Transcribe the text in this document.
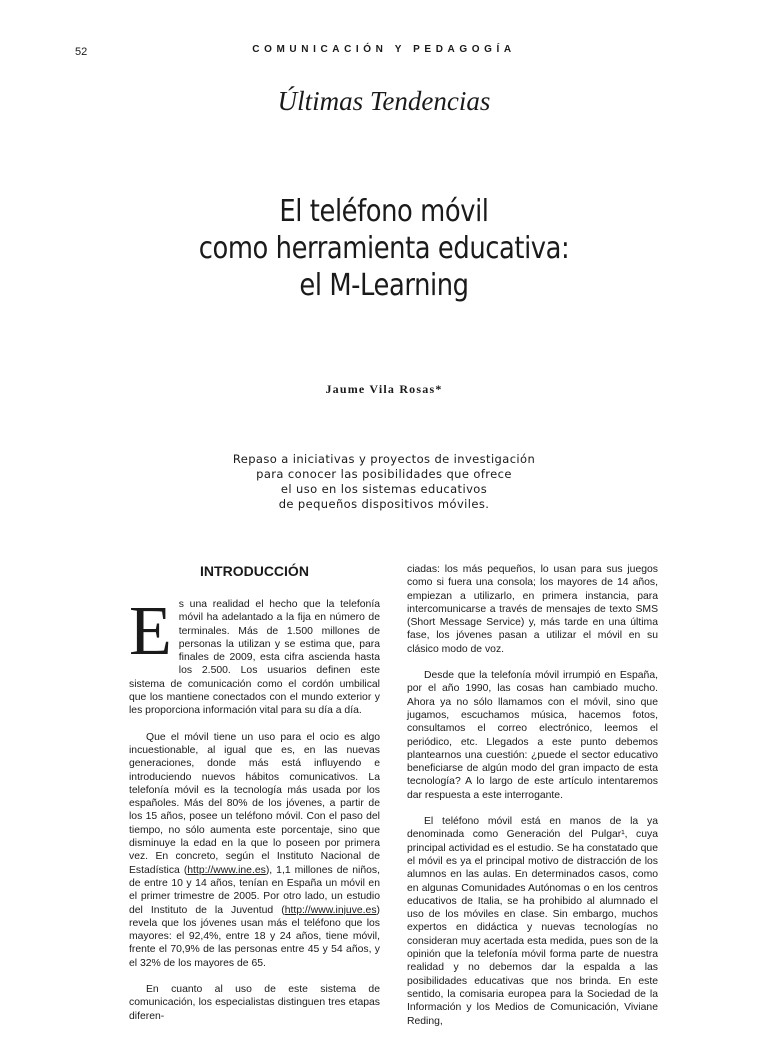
52	COMUNICACIÓN Y PEDAGOGÍA
Últimas Tendencias
El teléfono móvil
como herramienta educativa:
el M-Learning
Jaume Vila Rosas*
Repaso a iniciativas y proyectos de investigación
para conocer las posibilidades que ofrece
el uso en los sistemas educativos
de pequeños dispositivos móviles.
INTRODUCCIÓN

Es una realidad el hecho que la telefonía móvil ha adelantado a la fija en número de terminales. Más de 1.500 millones de personas la utilizan y se estima que, para finales de 2009, esta cifra ascienda hasta los 2.500. Los usuarios definen este sistema de comunicación como el cordón umbilical que los mantiene conectados con el mundo exterior y les proporciona información vital para su día a día.

Que el móvil tiene un uso para el ocio es algo incuestionable, al igual que es, en las nuevas generaciones, donde más está influyendo e introduciendo nuevos hábitos comunicativos. La telefonía móvil es la tecnología más usada por los españoles. Más del 80% de los jóvenes, a partir de los 15 años, posee un teléfono móvil. Con el paso del tiempo, no sólo aumenta este porcentaje, sino que disminuye la edad en la que lo poseen por primera vez. En concreto, según el Instituto Nacional de Estadística (http://www.ine.es), 1,1 millones de niños, de entre 10 y 14 años, tenían en España un móvil en el primer trimestre de 2005. Por otro lado, un estudio del Instituto de la Juventud (http://www.injuve.es) revela que los jóvenes usan más el teléfono que los mayores: el 92,4%, entre 18 y 24 años, tiene móvil, frente el 70,9% de las personas entre 45 y 54 años, y el 32% de los mayores de 65.

En cuanto al uso de este sistema de comunicación, los especialistas distinguen tres etapas diferen-

ciadas: los más pequeños, lo usan para sus juegos como si fuera una consola; los mayores de 14 años, empiezan a utilizarlo, en primera instancia, para intercomunicarse a través de mensajes de texto SMS (Short Message Service) y, más tarde en una última fase, los jóvenes pasan a utilizar el móvil en su clásico modo de voz.

Desde que la telefonía móvil irrumpió en España, por el año 1990, las cosas han cambiado mucho. Ahora ya no sólo llamamos con el móvil, sino que jugamos, escuchamos música, hacemos fotos, consultamos el correo electrónico, leemos el periódico, etc. Llegados a este punto debemos plantearnos una cuestión: ¿puede el sector educativo beneficiarse de algún modo del gran impacto de esta tecnología? A lo largo de este artículo intentaremos dar respuesta a este interrogante.

El teléfono móvil está en manos de la ya denominada como Generación del Pulgar¹, cuya principal actividad es el estudio. Se ha constatado que el móvil es ya el principal motivo de distracción de los alumnos en las aulas. En determinados casos, como en algunas Comunidades Autónomas o en los centros educativos de Italia, se ha prohibido al alumnado el uso de los móviles en clase. Sin embargo, muchos expertos en didáctica y nuevas tecnologías no consideran muy acertada esta medida, pues son de la opinión que la telefonía móvil forma parte de nuestra realidad y no debemos dar la espalda a las posibilidades educativas que nos brinda. En este sentido, la comisaria europea para la Sociedad de la Información y los Medios de Comunicación, Viviane Reding,
